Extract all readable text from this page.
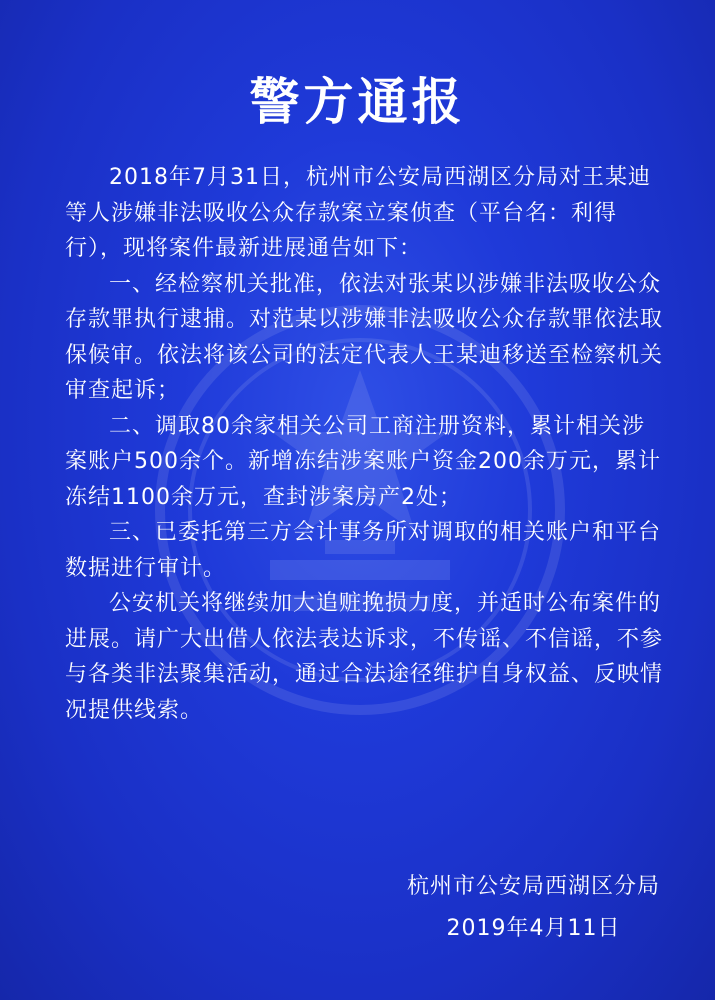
警方通报

2018年7月31日，杭州市公安局西湖区分局对王某迪等人涉嫌非法吸收公众存款案立案侦查（平台名：利得行），现将案件最新进展通告如下：

一、经检察机关批准，依法对张某以涉嫌非法吸收公众存款罪执行逮捕。对范某以涉嫌非法吸收公众存款罪依法取保候审。依法将该公司的法定代表人王某迪移送至检察机关审查起诉；

二、调取80余家相关公司工商注册资料，累计相关涉案账户500余个。新增冻结涉案账户资金200余万元，累计冻结1100余万元，查封涉案房产2处；

三、已委托第三方会计事务所对调取的相关账户和平台数据进行审计。

公安机关将继续加大追赃挽损力度，并适时公布案件的进展。请广大出借人依法表达诉求，不传谣、不信谣，不参与各类非法聚集活动，通过合法途径维护自身权益、反映情况提供线索。

杭州市公安局西湖区分局
2019年4月11日
